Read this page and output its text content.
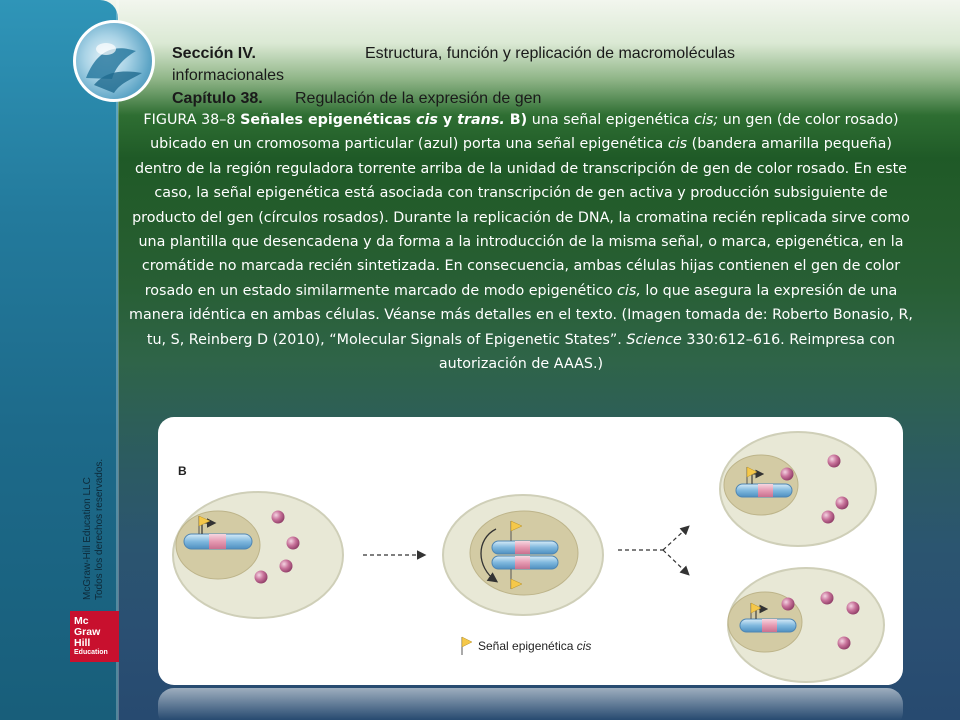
Sección IV.	Estructura, función y replicación de macromoléculas
informacionales
Capítulo 38. Regulación de la expresión de gen
FIGURA 38–8 Señales epigenéticas cis y trans. B) una señal epigenética cis; un gen (de color rosado) ubicado en un cromosoma particular (azul) porta una señal epigenética cis (bandera amarilla pequeña) dentro de la región reguladora torrente arriba de la unidad de transcripción de gen de color rosado. En este caso, la señal epigenética está asociada con transcripción de gen activa y producción subsiguiente de producto del gen (círculos rosados). Durante la replicación de DNA, la cromatina recién replicada sirve como una plantilla que desencadena y da forma a la introducción de la misma señal, o marca, epigenética, en la cromátide no marcada recién sintetizada. En consecuencia, ambas células hijas contienen el gen de color rosado en un estado similarmente marcado de modo epigenético cis, lo que asegura la expresión de una manera idéntica en ambas células. Véanse más detalles en el texto. (Imagen tomada de: Roberto Bonasio, R, tu, S, Reinberg D (2010), “Molecular Signals of Epigenetic States”. Science 330:612–616. Reimpresa con autorización de AAAS.)
McGraw-Hill Education LLC Todos los derechos reservados.
Mc
Graw
Hill
Education
B
Señal epigenética cis
